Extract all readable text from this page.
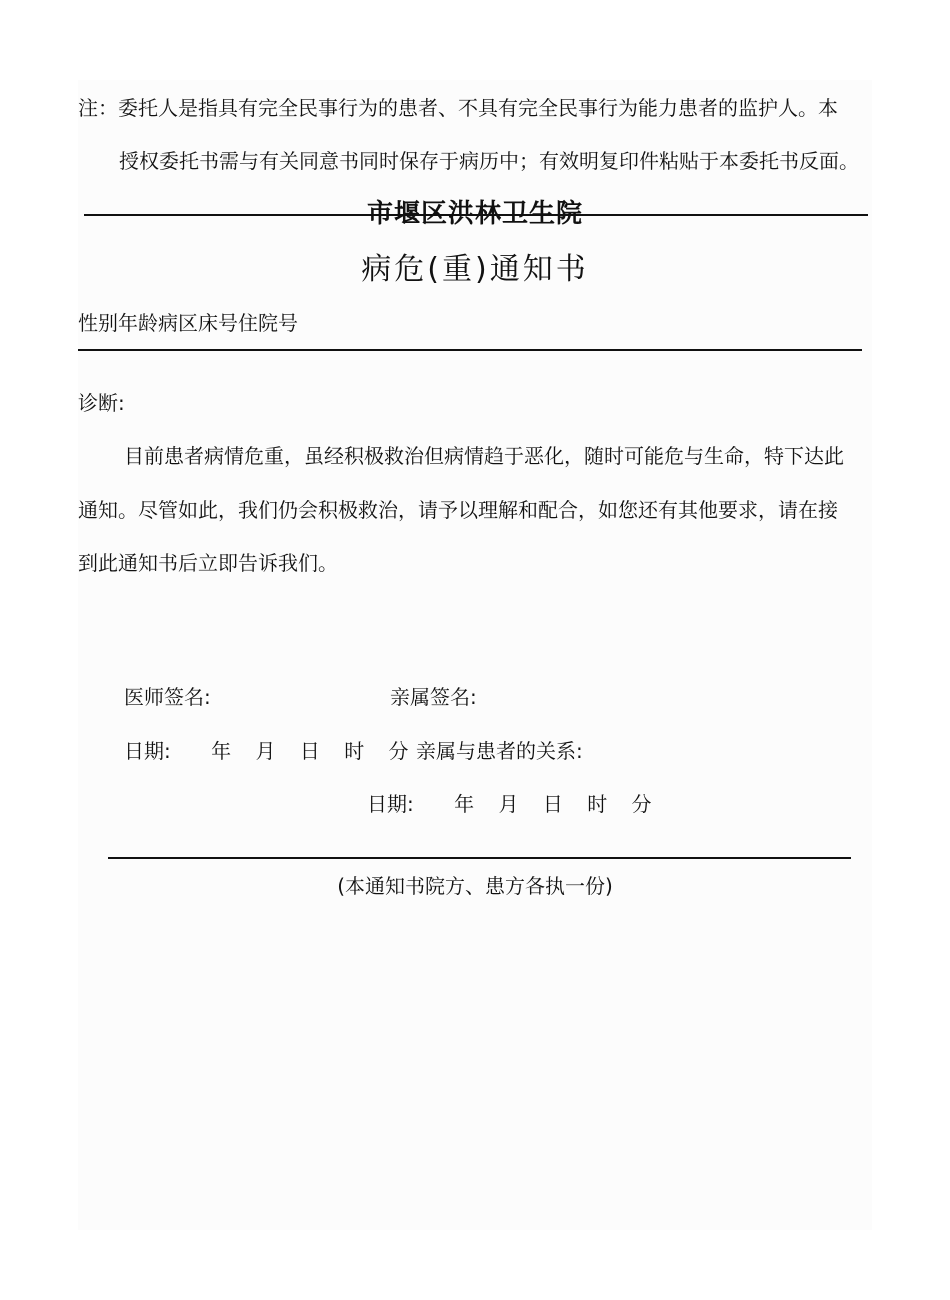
注：委托人是指具有完全民事行为的患者、不具有完全民事行为能力患者的监护人。本
授权委托书需与有关同意书同时保存于病历中；有效明复印件粘贴于本委托书反面。
市堰区洪林卫生院
病危(重)通知书
性别年龄病区床号住院号
诊断:
目前患者病情危重，虽经积极救治但病情趋于恶化，随时可能危与生命，特下达此
通知。尽管如此，我们仍会积极救治，请予以理解和配合，如您还有其他要求，请在接
到此通知书后立即告诉我们。
医师签名:	亲属签名:
日期: 年 月 日 时 分 亲属与患者的关系:
日期: 年 月 日 时 分
(本通知书院方、患方各执一份)
